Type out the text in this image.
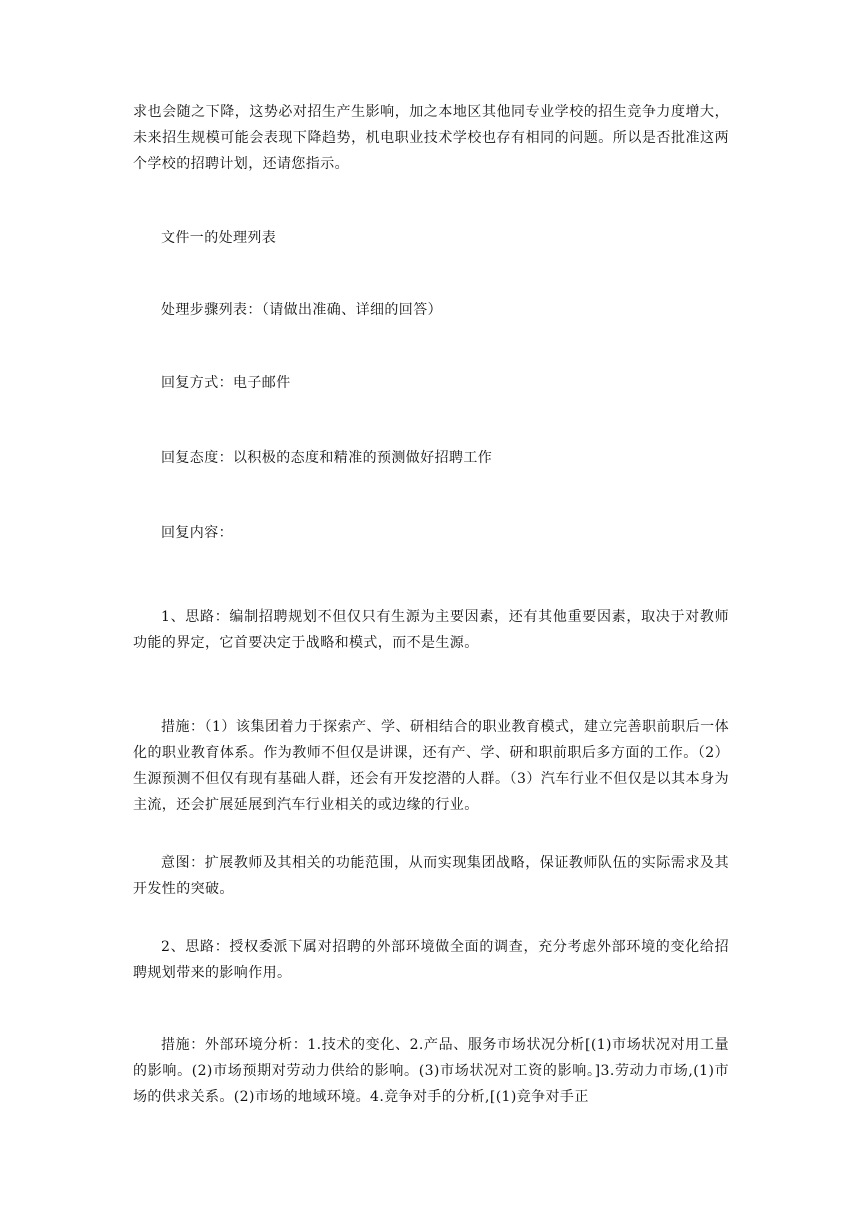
求也会随之下降，这势必对招生产生影响，加之本地区其他同专业学校的招生竞争力度增大，未来招生规模可能会表现下降趋势，机电职业技术学校也存有相同的问题。所以是否批准这两个学校的招聘计划，还请您指示。

文件一的处理列表

处理步骤列表：（请做出准确、详细的回答）

回复方式：电子邮件

回复态度：以积极的态度和精准的预测做好招聘工作

回复内容：

1、思路：编制招聘规划不但仅只有生源为主要因素，还有其他重要因素，取决于对教师功能的界定，它首要决定于战略和模式，而不是生源。

措施：（1）该集团着力于探索产、学、研相结合的职业教育模式，建立完善职前职后一体化的职业教育体系。作为教师不但仅是讲课，还有产、学、研和职前职后多方面的工作。（2）生源预测不但仅有现有基础人群，还会有开发挖潜的人群。（3）汽车行业不但仅是以其本身为主流，还会扩展延展到汽车行业相关的或边缘的行业。

意图：扩展教师及其相关的功能范围，从而实现集团战略，保证教师队伍的实际需求及其开发性的突破。

2、思路：授权委派下属对招聘的外部环境做全面的调查，充分考虑外部环境的变化给招聘规划带来的影响作用。

措施：外部环境分析：1.技术的变化、2.产品、服务市场状况分析[(1)市场状况对用工量的影响。(2)市场预期对劳动力供给的影响。(3)市场状况对工资的影响。]3.劳动力市场,(1)市场的供求关系。(2)市场的地域环境。4.竞争对手的分析,[(1)竞争对手正
